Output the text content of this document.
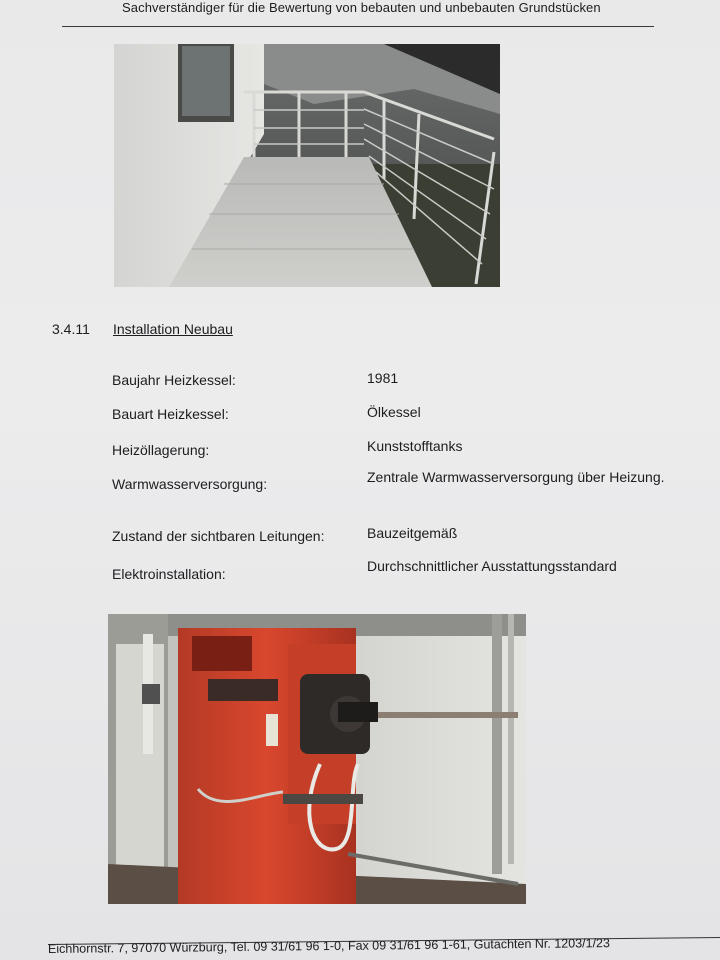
Sachverständiger für die Bewertung von bebauten und unbebauten Grundstücken
3.4.11 Installation Neubau
Baujahr Heizkessel:	1981
Bauart Heizkessel:	Ölkessel
Heizöllagerung:	Kunststofftanks
Warmwasserversorgung:	Zentrale Warmwasserversorgung über Heizung.
Zustand der sichtbaren Leitungen:	Bauzeitgemäß
Elektroinstallation:	Durchschnittlicher Ausstattungsstandard
Eichhornstr. 7, 97070 Würzburg, Tel. 09 31/61 96 1-0, Fax 09 31/61 96 1-61, Gutachten Nr. 1203/1/23
